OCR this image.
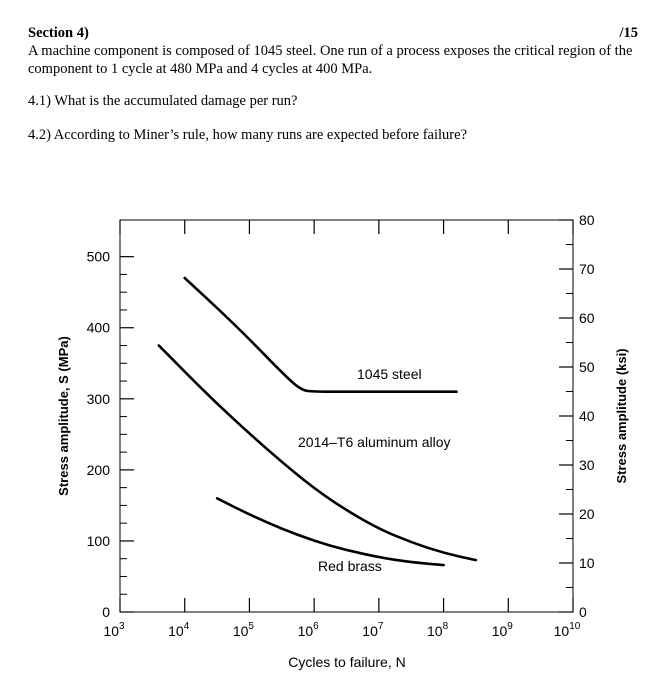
Section 4)	/15
A machine component is composed of 1045 steel. One run of a process exposes the critical region of the component to 1 cycle at 480 MPa and 4 cycles at 400 MPa.
4.1) What is the accumulated damage per run?
4.2) According to Miner’s rule, how many runs are expected before failure?
0
100
200
300
400
500
0
10
20
30
40
50
60
70
80
$10^3$	$10^4$	$10^5$	$10^6$	$10^7$	$10^8$	$10^9$	$10^{10}$
1045 steel
2014–T6 aluminum alloy
Red brass
Cycles to failure, N
Stress amplitude, S (MPa)	Stress amplitude (ksi)
